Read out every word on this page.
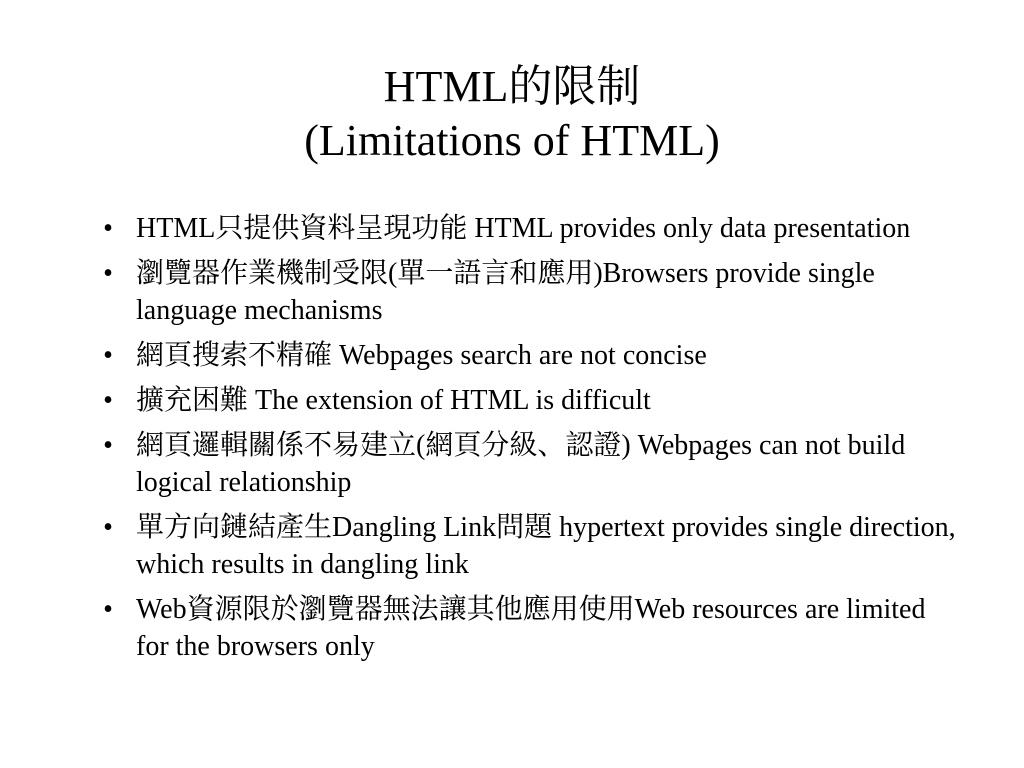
HTML的限制
(Limitations of HTML)
• HTML只提供資料呈現功能 HTML provides only data presentation
• 瀏覽器作業機制受限(單一語言和應用)Browsers provide single language mechanisms
• 網頁搜索不精確 Webpages search are not concise
• 擴充困難 The extension of HTML is difficult
• 網頁邏輯關係不易建立(網頁分級、認證) Webpages can not build logical relationship
• 單方向鏈結產生Dangling Link問題 hypertext provides single direction, which results in dangling link
• Web資源限於瀏覽器無法讓其他應用使用Web resources are limited for the browsers only
